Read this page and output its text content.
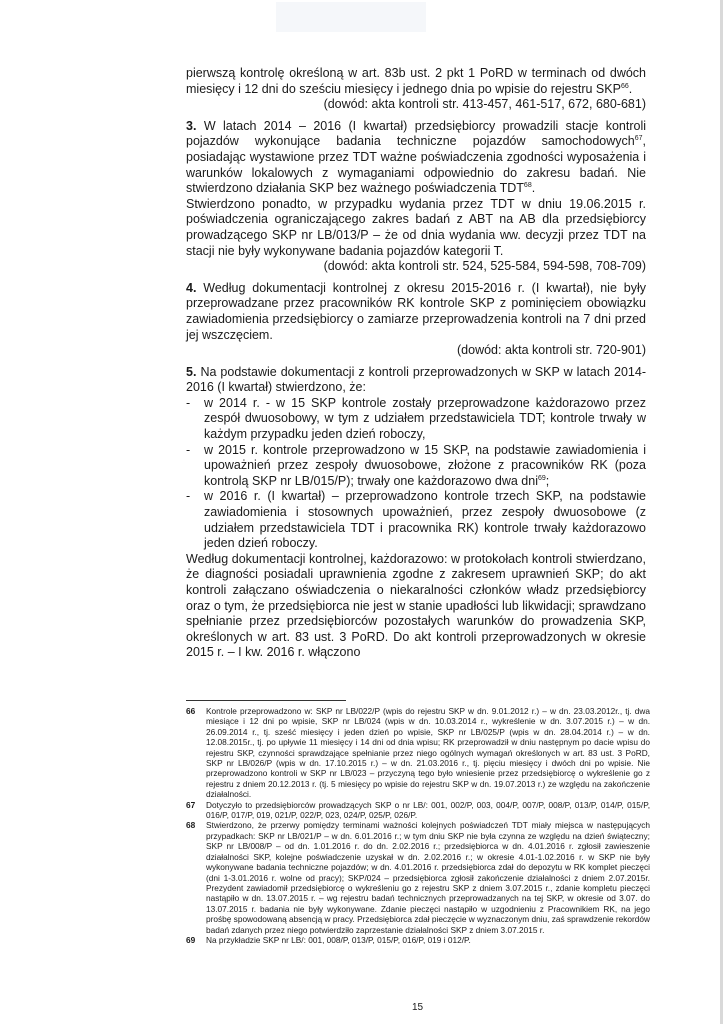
pierwszą kontrolę określoną w art. 83b ust. 2 pkt 1 PoRD w terminach od dwóch miesięcy i 12 dni do sześciu miesięcy i jednego dnia po wpisie do rejestru SKP$^{66}$.

(dowód: akta kontroli str. 413-457, 461-517, 672, 680-681)

3. W latach 2014 – 2016 (I kwartał) przedsiębiorcy prowadzili stacje kontroli pojazdów wykonujące badania techniczne pojazdów samochodowych$^{67}$, posiadając wystawione przez TDT ważne poświadczenia zgodności wyposażenia i warunków lokalowych z wymaganiami odpowiednio do zakresu badań. Nie stwierdzono działania SKP bez ważnego poświadczenia TDT$^{68}$.

Stwierdzono ponadto, w przypadku wydania przez TDT w dniu 19.06.2015 r. poświadczenia ograniczającego zakres badań z ABT na AB dla przedsiębiorcy prowadzącego SKP nr LB/013/P – że od dnia wydania ww. decyzji przez TDT na stacji nie były wykonywane badania pojazdów kategorii T.

(dowód: akta kontroli str. 524, 525-584, 594-598, 708-709)

4. Według dokumentacji kontrolnej z okresu 2015-2016 r. (I kwartał), nie były przeprowadzane przez pracowników RK kontrole SKP z pominięciem obowiązku zawiadomienia przedsiębiorcy o zamiarze przeprowadzenia kontroli na 7 dni przed jej wszczęciem.

(dowód: akta kontroli str. 720-901)

5. Na podstawie dokumentacji z kontroli przeprowadzonych w SKP w latach 2014-2016 (I kwartał) stwierdzono, że:

-	w 2014 r. - w 15 SKP kontrole zostały przeprowadzone każdorazowo przez zespół dwuosobowy, w tym z udziałem przedstawiciela TDT; kontrole trwały w każdym przypadku jeden dzień roboczy,
-	w 2015 r. kontrole przeprowadzono w 15 SKP, na podstawie zawiadomienia i upoważnień przez zespoły dwuosobowe, złożone z pracowników RK (poza kontrolą SKP nr LB/015/P); trwały one każdorazowo dwa dni$^{69}$;
-	w 2016 r. (I kwartał) – przeprowadzono kontrole trzech SKP, na podstawie zawiadomienia i stosownych upoważnień, przez zespoły dwuosobowe (z udziałem przedstawiciela TDT i pracownika RK) kontrole trwały każdorazowo jeden dzień roboczy.

Według dokumentacji kontrolnej, każdorazowo: w protokołach kontroli stwierdzano, że diagności posiadali uprawnienia zgodne z zakresem uprawnień SKP; do akt kontroli załączano oświadczenia o niekaralności członków władz przedsiębiorcy oraz o tym, że przedsiębiorca nie jest w stanie upadłości lub likwidacji; sprawdzano spełnianie przez przedsiębiorców pozostałych warunków do prowadzenia SKP, określonych w art. 83 ust. 3 PoRD. Do akt kontroli przeprowadzonych w okresie 2015 r. – I kw. 2016 r. włączono

66	Kontrole przeprowadzono w: SKP nr LB/022/P (wpis do rejestru SKP w dn. 9.01.2012 r.) – w dn. 23.03.2012r., tj. dwa miesiące i 12 dni po wpisie, SKP nr LB/024 (wpis w dn. 10.03.2014 r., wykreślenie w dn. 3.07.2015 r.) – w dn. 26.09.2014 r., tj. sześć miesięcy i jeden dzień po wpisie, SKP nr LB/025/P (wpis w dn. 28.04.2014 r.) – w dn. 12.08.2015r., tj. po upływie 11 miesięcy i 14 dni od dnia wpisu; RK przeprowadził w dniu następnym po dacie wpisu do rejestru SKP, czynności sprawdzające spełnianie przez niego ogólnych wymagań określonych w art. 83 ust. 3 PoRD, SKP nr LB/026/P (wpis w dn. 17.10.2015 r.) – w dn. 21.03.2016 r., tj. pięciu miesięcy i dwóch dni po wpisie. Nie przeprowadzono kontroli w SKP nr LB/023 – przyczyną tego było wniesienie przez przedsiębiorcę o wykreślenie go z rejestru z dniem 20.12.2013 r. (tj. 5 miesięcy po wpisie do rejestru SKP w dn. 19.07.2013 r.) ze względu na zakończenie działalności.
67	Dotyczyło to przedsiębiorców prowadzących SKP o nr LB/: 001, 002/P, 003, 004/P, 007/P, 008/P, 013/P, 014/P, 015/P, 016/P, 017/P, 019, 021/P, 022/P, 023, 024/P, 025/P, 026/P.
68	Stwierdzono, że przerwy pomiędzy terminami ważności kolejnych poświadczeń TDT miały miejsca w następujących przypadkach: SKP nr LB/021/P – w dn. 6.01.2016 r.; w tym dniu SKP nie była czynna ze względu na dzień świąteczny; SKP nr LB/008/P – od dn. 1.01.2016 r. do dn. 2.02.2016 r.; przedsiębiorca w dn. 4.01.2016 r. zgłosił zawieszenie działalności SKP, kolejne poświadczenie uzyskał w dn. 2.02.2016 r.; w okresie 4.01-1.02.2016 r. w SKP nie były wykonywane badania techniczne pojazdów; w dn. 4.01.2016 r. przedsiębiorca zdał do depozytu w RK komplet pieczęci (dni 1-3.01.2016 r. wolne od pracy); SKP/024 – przedsiębiorca zgłosił zakończenie działalności z dniem 2.07.2015r. Prezydent zawiadomił przedsiębiorcę o wykreśleniu go z rejestru SKP z dniem 3.07.2015 r., zdanie kompletu pieczęci nastąpiło w dn. 13.07.2015 r. – wg rejestru badań technicznych przeprowadzanych na tej SKP, w okresie od 3.07. do 13.07.2015 r. badania nie były wykonywane. Zdanie pieczęci nastąpiło w uzgodnieniu z Pracownikiem RK, na jego prośbę spowodowaną absencją w pracy. Przedsiębiorca zdał pieczęcie w wyznaczonym dniu, zaś sprawdzenie rekordów badań zdanych przez niego potwierdziło zaprzestanie działalności SKP z dniem 3.07.2015 r.
69	Na przykładzie SKP nr LB/: 001, 008/P, 013/P, 015/P, 016/P, 019 i 012/P.
15
